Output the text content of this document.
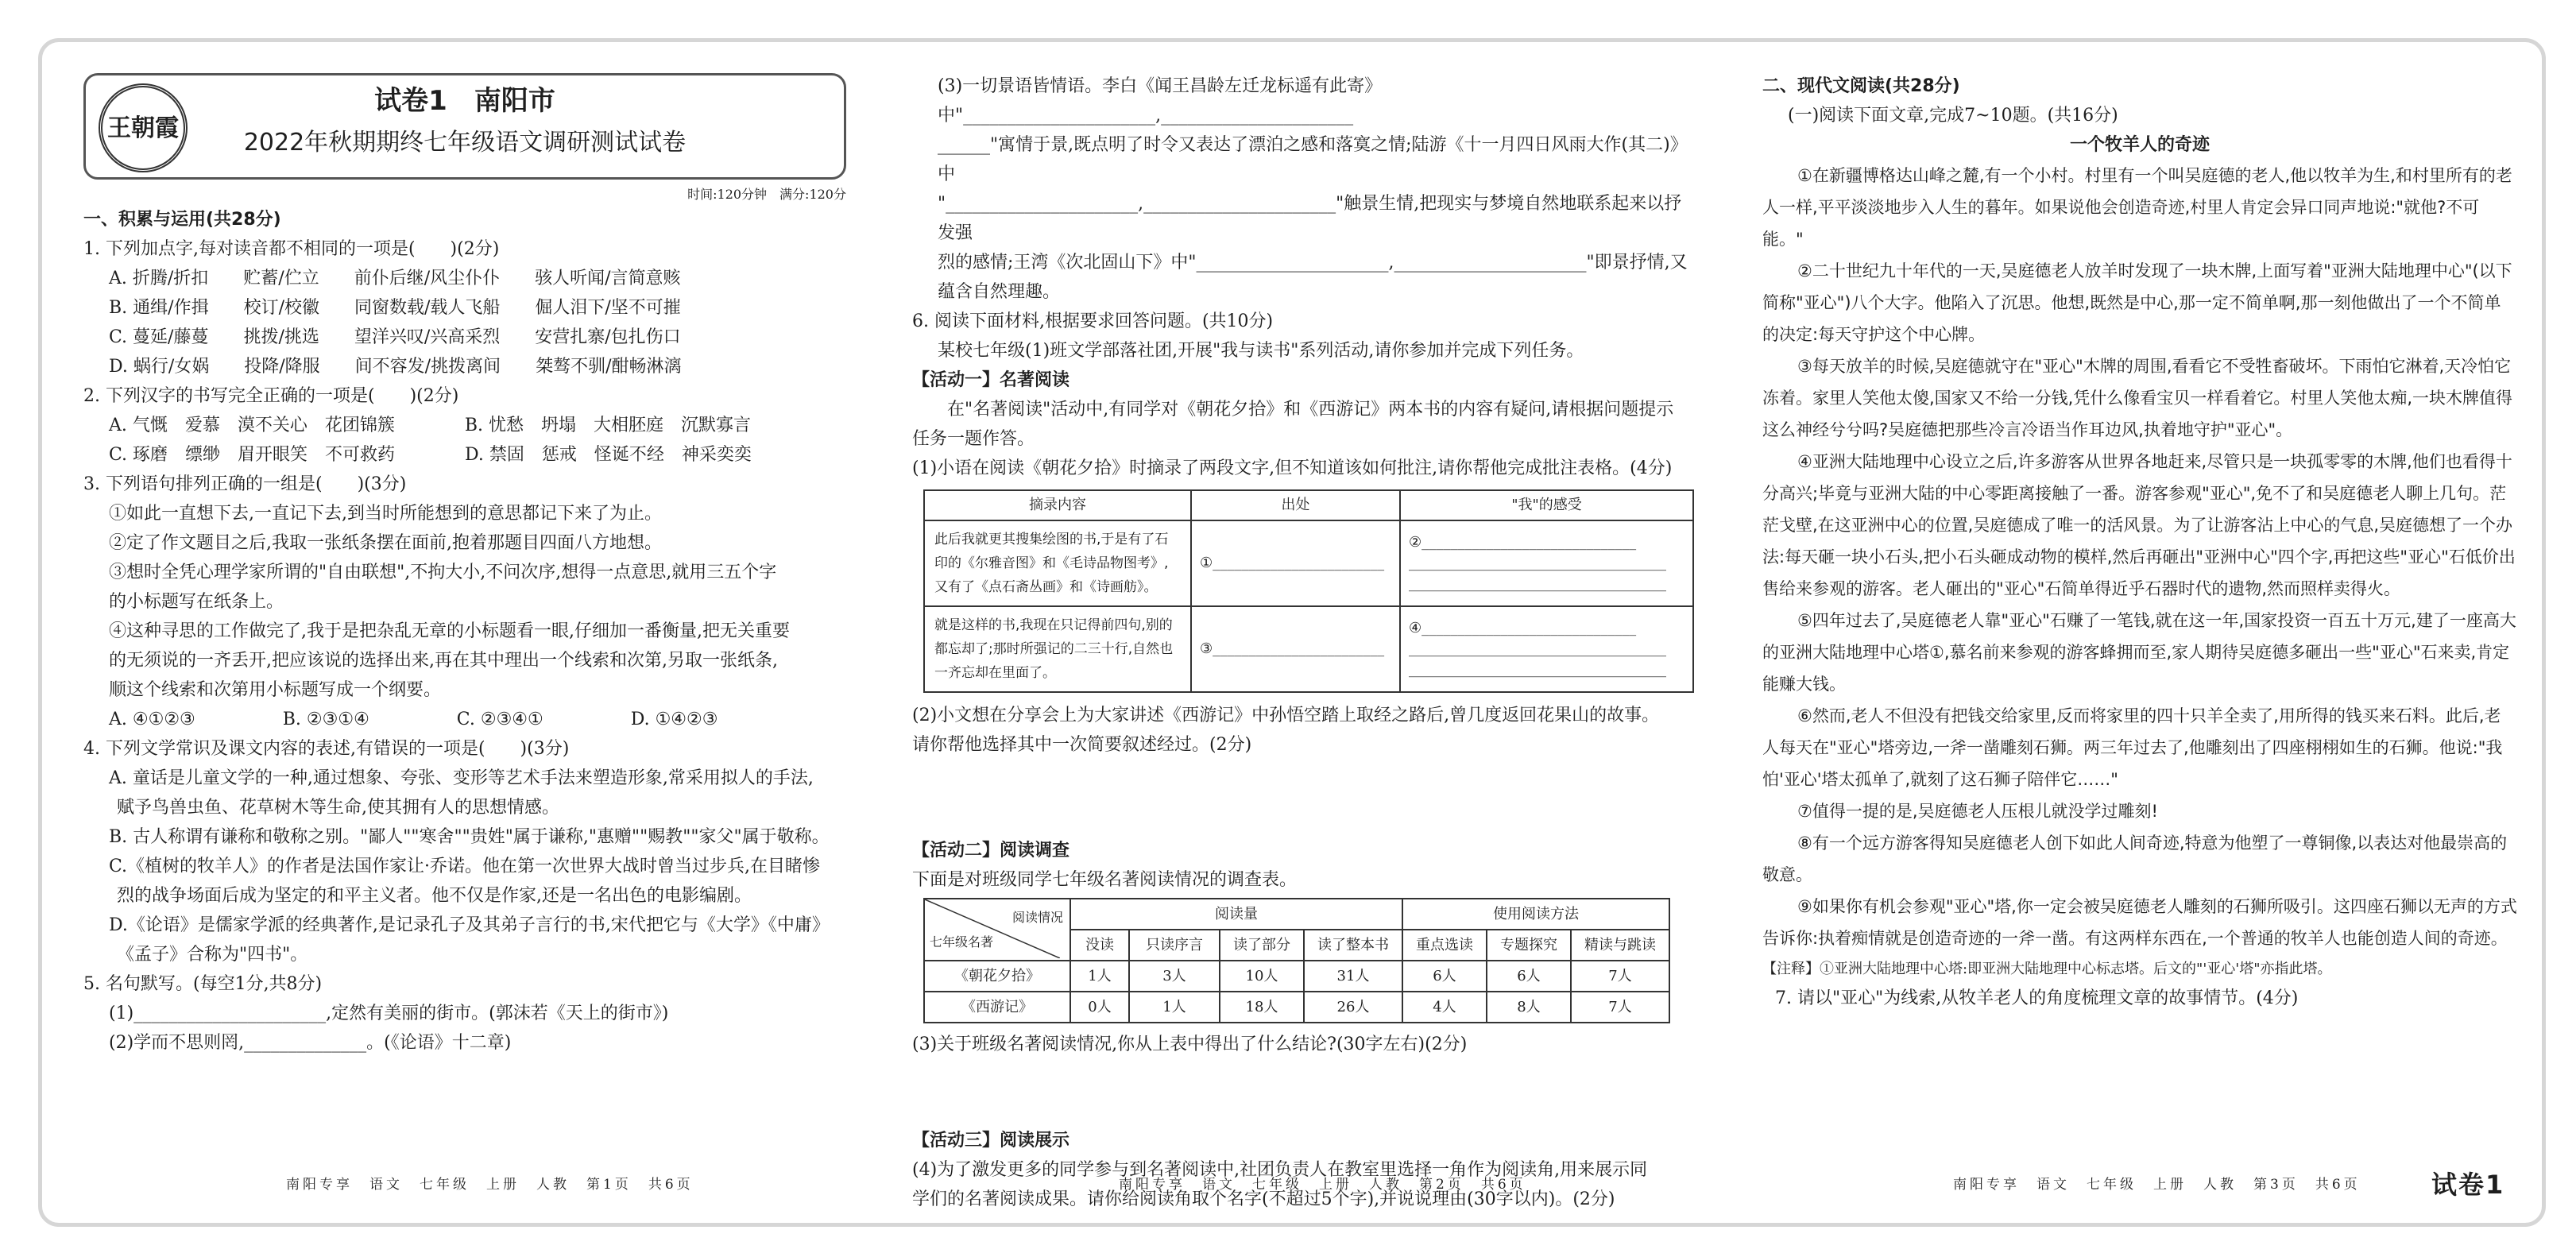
王朝霞
试卷1　南阳市
2022年秋期期终七年级语文调研测试试卷
时间:120分钟　满分:120分

一、积累与运用(共28分)

1. 下列加点字,每对读音都不相同的一项是(　　)(2分)

A. 折腾/折扣　　贮蓄/伫立　　前仆后继/风尘仆仆　　骇人听闻/言简意赅

B. 通缉/作揖　　校订/校徽　　同窗数载/载人飞船　　倔人泪下/坚不可摧

C. 蔓延/藤蔓　　挑拨/挑选　　望洋兴叹/兴高采烈　　安营扎寨/包扎伤口

D. 蜗行/女娲　　投降/降服　　间不容发/挑拨离间　　桀骜不驯/酣畅淋漓

2. 下列汉字的书写完全正确的一项是(　　)(2分)

A. 气慨　爱慕　漠不关心　花团锦簇　　　　B. 忧愁　坍塌　大相胚庭　沉默寡言

C. 琢磨　缥缈　眉开眼笑　不可救药　　　　D. 禁固　惩戒　怪诞不经　神采奕奕

3. 下列语句排列正确的一组是(　　)(3分)

①如此一直想下去,一直记下去,到当时所能想到的意思都记下来了为止。

②定了作文题目之后,我取一张纸条摆在面前,抱着那题目四面八方地想。

③想时全凭心理学家所谓的"自由联想",不拘大小,不问次序,想得一点意思,就用三五个字

的小标题写在纸条上。

④这种寻思的工作做完了,我于是把杂乱无章的小标题看一眼,仔细加一番衡量,把无关重要

的无须说的一齐丢开,把应该说的选择出来,再在其中理出一个线索和次第,另取一张纸条,

顺这个线索和次第用小标题写成一个纲要。

A. ④①②③　　　　　B. ②③①④　　　　　C. ②③④①　　　　　D. ①④②③

4. 下列文学常识及课文内容的表述,有错误的一项是(　　)(3分)

A. 童话是儿童文学的一种,通过想象、夸张、变形等艺术手法来塑造形象,常采用拟人的手法,

赋予鸟兽虫鱼、花草树木等生命,使其拥有人的思想情感。

B. 古人称谓有谦称和敬称之别。"鄙人""寒舍""贵姓"属于谦称,"惠赠""赐教""家父"属于敬称。

C.《植树的牧羊人》的作者是法国作家让·乔诺。他在第一次世界大战时曾当过步兵,在目睹惨

烈的战争场面后成为坚定的和平主义者。他不仅是作家,还是一名出色的电影编剧。

D.《论语》是儒家学派的经典著作,是记录孔子及其弟子言行的书,宋代把它与《大学》《中庸》

《孟子》合称为"四书"。

5. 名句默写。(每空1分,共8分)

(1)______________________,定然有美丽的街市。(郭沫若《天上的街市》)

(2)学而不思则罔,______________。(《论语》十二章)

(3)一切景语皆情语。李白《闻王昌龄左迁龙标遥有此寄》中"______________________,______________________

______"寓情于景,既点明了时令又表达了漂泊之感和落寞之情;陆游《十一月四日风雨大作(其二)》中

"______________________,______________________"触景生情,把现实与梦境自然地联系起来以抒发强

烈的感情;王湾《次北固山下》中"______________________,______________________"即景抒情,又蕴含自然理趣。

6. 阅读下面材料,根据要求回答问题。(共10分)

某校七年级(1)班文学部落社团,开展"我与读书"系列活动,请你参加并完成下列任务。

【活动一】名著阅读

在"名著阅读"活动中,有同学对《朝花夕拾》和《西游记》两本书的内容有疑问,请根据问题提示

任务一题作答。

(1)小语在阅读《朝花夕拾》时摘录了两段文字,但不知道该如何批注,请你帮他完成批注表格。(4分)

摘录内容	出处	"我"的感受
此后我就更其搜集绘图的书,于是有了石印的《尔雅音图》和《毛诗品物图考》,又有了《点石斋丛画》和《诗画舫》。	①________________________	②______________________________
____________________________________
____________________________________
就是这样的书,我现在只记得前四句,别的都忘却了;那时所强记的二三十行,自然也一齐忘却在里面了。	③________________________	④______________________________
____________________________________
____________________________________

(2)小文想在分享会上为大家讲述《西游记》中孙悟空踏上取经之路后,曾几度返回花果山的故事。

请你帮他选择其中一次简要叙述经过。(2分)

【活动二】阅读调查

下面是对班级同学七年级名著阅读情况的调查表。

阅读情况
七年级名著	阅读量				使用阅读方法		
	没读	只读序言	读了部分	读了整本书	重点选读	专题探究	精读与跳读
《朝花夕拾》	1人	3人	10人	31人	6人	6人	7人
《西游记》	0人	1人	18人	26人	4人	8人	7人

(3)关于班级名著阅读情况,你从上表中得出了什么结论?(30字左右)(2分)

【活动三】阅读展示

(4)为了激发更多的同学参与到名著阅读中,社团负责人在教室里选择一角作为阅读角,用来展示同

学们的名著阅读成果。请你给阅读角取个名字(不超过5个字),并说说理由(30字以内)。(2分)

二、现代文阅读(共28分)

(一)阅读下面文章,完成7~10题。(共16分)

一个牧羊人的奇迹

①在新疆博格达山峰之麓,有一个小村。村里有一个叫吴庭德的老人,他以牧羊为生,和村里所有的老人一样,平平淡淡地步入人生的暮年。如果说他会创造奇迹,村里人肯定会异口同声地说:"就他?不可能。"

②二十世纪九十年代的一天,吴庭德老人放羊时发现了一块木牌,上面写着"亚洲大陆地理中心"(以下简称"亚心")八个大字。他陷入了沉思。他想,既然是中心,那一定不简单啊,那一刻他做出了一个不简单的决定:每天守护这个中心牌。

③每天放羊的时候,吴庭德就守在"亚心"木牌的周围,看看它不受牲畜破坏。下雨怕它淋着,天冷怕它冻着。家里人笑他太傻,国家又不给一分钱,凭什么像看宝贝一样看着它。村里人笑他太痴,一块木牌值得这么神经兮兮吗?吴庭德把那些冷言冷语当作耳边风,执着地守护"亚心"。

④亚洲大陆地理中心设立之后,许多游客从世界各地赶来,尽管只是一块孤零零的木牌,他们也看得十分高兴;毕竟与亚洲大陆的中心零距离接触了一番。游客参观"亚心",免不了和吴庭德老人聊上几句。茫茫戈壁,在这亚洲中心的位置,吴庭德成了唯一的活风景。为了让游客沾上中心的气息,吴庭德想了一个办法:每天砸一块小石头,把小石头砸成动物的模样,然后再砸出"亚洲中心"四个字,再把这些"亚心"石低价出售给来参观的游客。老人砸出的"亚心"石简单得近乎石器时代的遗物,然而照样卖得火。

⑤四年过去了,吴庭德老人靠"亚心"石赚了一笔钱,就在这一年,国家投资一百五十万元,建了一座高大的亚洲大陆地理中心塔①,慕名前来参观的游客蜂拥而至,家人期待吴庭德多砸出一些"亚心"石来卖,肯定能赚大钱。

⑥然而,老人不但没有把钱交给家里,反而将家里的四十只羊全卖了,用所得的钱买来石料。此后,老人每天在"亚心"塔旁边,一斧一凿雕刻石狮。两三年过去了,他雕刻出了四座栩栩如生的石狮。他说:"我怕'亚心'塔太孤单了,就刻了这石狮子陪伴它……"

⑦值得一提的是,吴庭德老人压根儿就没学过雕刻!

⑧有一个远方游客得知吴庭德老人创下如此人间奇迹,特意为他塑了一尊铜像,以表达对他最崇高的敬意。

⑨如果你有机会参观"亚心"塔,你一定会被吴庭德老人雕刻的石狮所吸引。这四座石狮以无声的方式告诉你:执着痴情就是创造奇迹的一斧一凿。有这两样东西在,一个普通的牧羊人也能创造人间的奇迹。

【注释】①亚洲大陆地理中心塔:即亚洲大陆地理中心标志塔。后文的"'亚心'塔"亦指此塔。

7. 请以"亚心"为线索,从牧羊老人的角度梳理文章的故事情节。(4分)

南阳专享　语文　七年级　上册　人教　第1页　共6页	南阳专享　语文　七年级　上册　人教　第2页　共6页	南阳专享　语文　七年级　上册　人教　第3页　共6页	试卷1
